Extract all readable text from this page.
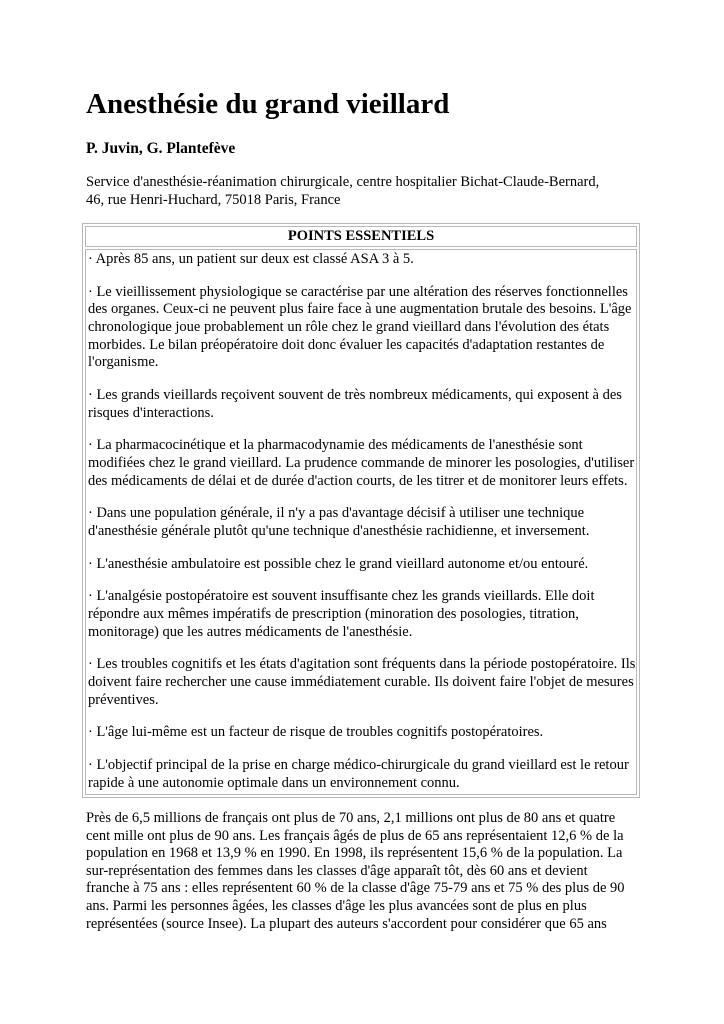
Anesthésie du grand vieillard

P. Juvin, G. Plantefève

Service d'anesthésie-réanimation chirurgicale, centre hospitalier Bichat-Claude-Bernard,
46, rue Henri-Huchard, 75018 Paris, France

POINTS ESSENTIELS

· Après 85 ans, un patient sur deux est classé ASA 3 à 5.

· Le vieillissement physiologique se caractérise par une altération des réserves fonctionnelles
des organes. Ceux-ci ne peuvent plus faire face à une augmentation brutale des besoins. L'âge
chronologique joue probablement un rôle chez le grand vieillard dans l'évolution des états
morbides. Le bilan préopératoire doit donc évaluer les capacités d'adaptation restantes de
l'organisme.

· Les grands vieillards reçoivent souvent de très nombreux médicaments, qui exposent à des
risques d'interactions.

· La pharmacocinétique et la pharmacodynamie des médicaments de l'anesthésie sont
modifiées chez le grand vieillard. La prudence commande de minorer les posologies, d'utiliser
des médicaments de délai et de durée d'action courts, de les titrer et de monitorer leurs effets.

· Dans une population générale, il n'y a pas d'avantage décisif à utiliser une technique
d'anesthésie générale plutôt qu'une technique d'anesthésie rachidienne, et inversement.

· L'anesthésie ambulatoire est possible chez le grand vieillard autonome et/ou entouré.

· L'analgésie postopératoire est souvent insuffisante chez les grands vieillards. Elle doit
répondre aux mêmes impératifs de prescription (minoration des posologies, titration,
monitorage) que les autres médicaments de l'anesthésie.

· Les troubles cognitifs et les états d'agitation sont fréquents dans la période postopératoire. Ils
doivent faire rechercher une cause immédiatement curable. Ils doivent faire l'objet de mesures
préventives.

· L'âge lui-même est un facteur de risque de troubles cognitifs postopératoires.

· L'objectif principal de la prise en charge médico-chirurgicale du grand vieillard est le retour
rapide à une autonomie optimale dans un environnement connu.

Près de 6,5 millions de français ont plus de 70 ans, 2,1 millions ont plus de 80 ans et quatre
cent mille ont plus de 90 ans. Les français âgés de plus de 65 ans représentaient 12,6 % de la
population en 1968 et 13,9 % en 1990. En 1998, ils représentent 15,6 % de la population. La
sur-représentation des femmes dans les classes d'âge apparaît tôt, dès 60 ans et devient
franche à 75 ans : elles représentent 60 % de la classe d'âge 75-79 ans et 75 % des plus de 90
ans. Parmi les personnes âgées, les classes d'âge les plus avancées sont de plus en plus
représentées (source Insee). La plupart des auteurs s'accordent pour considérer que 65 ans
